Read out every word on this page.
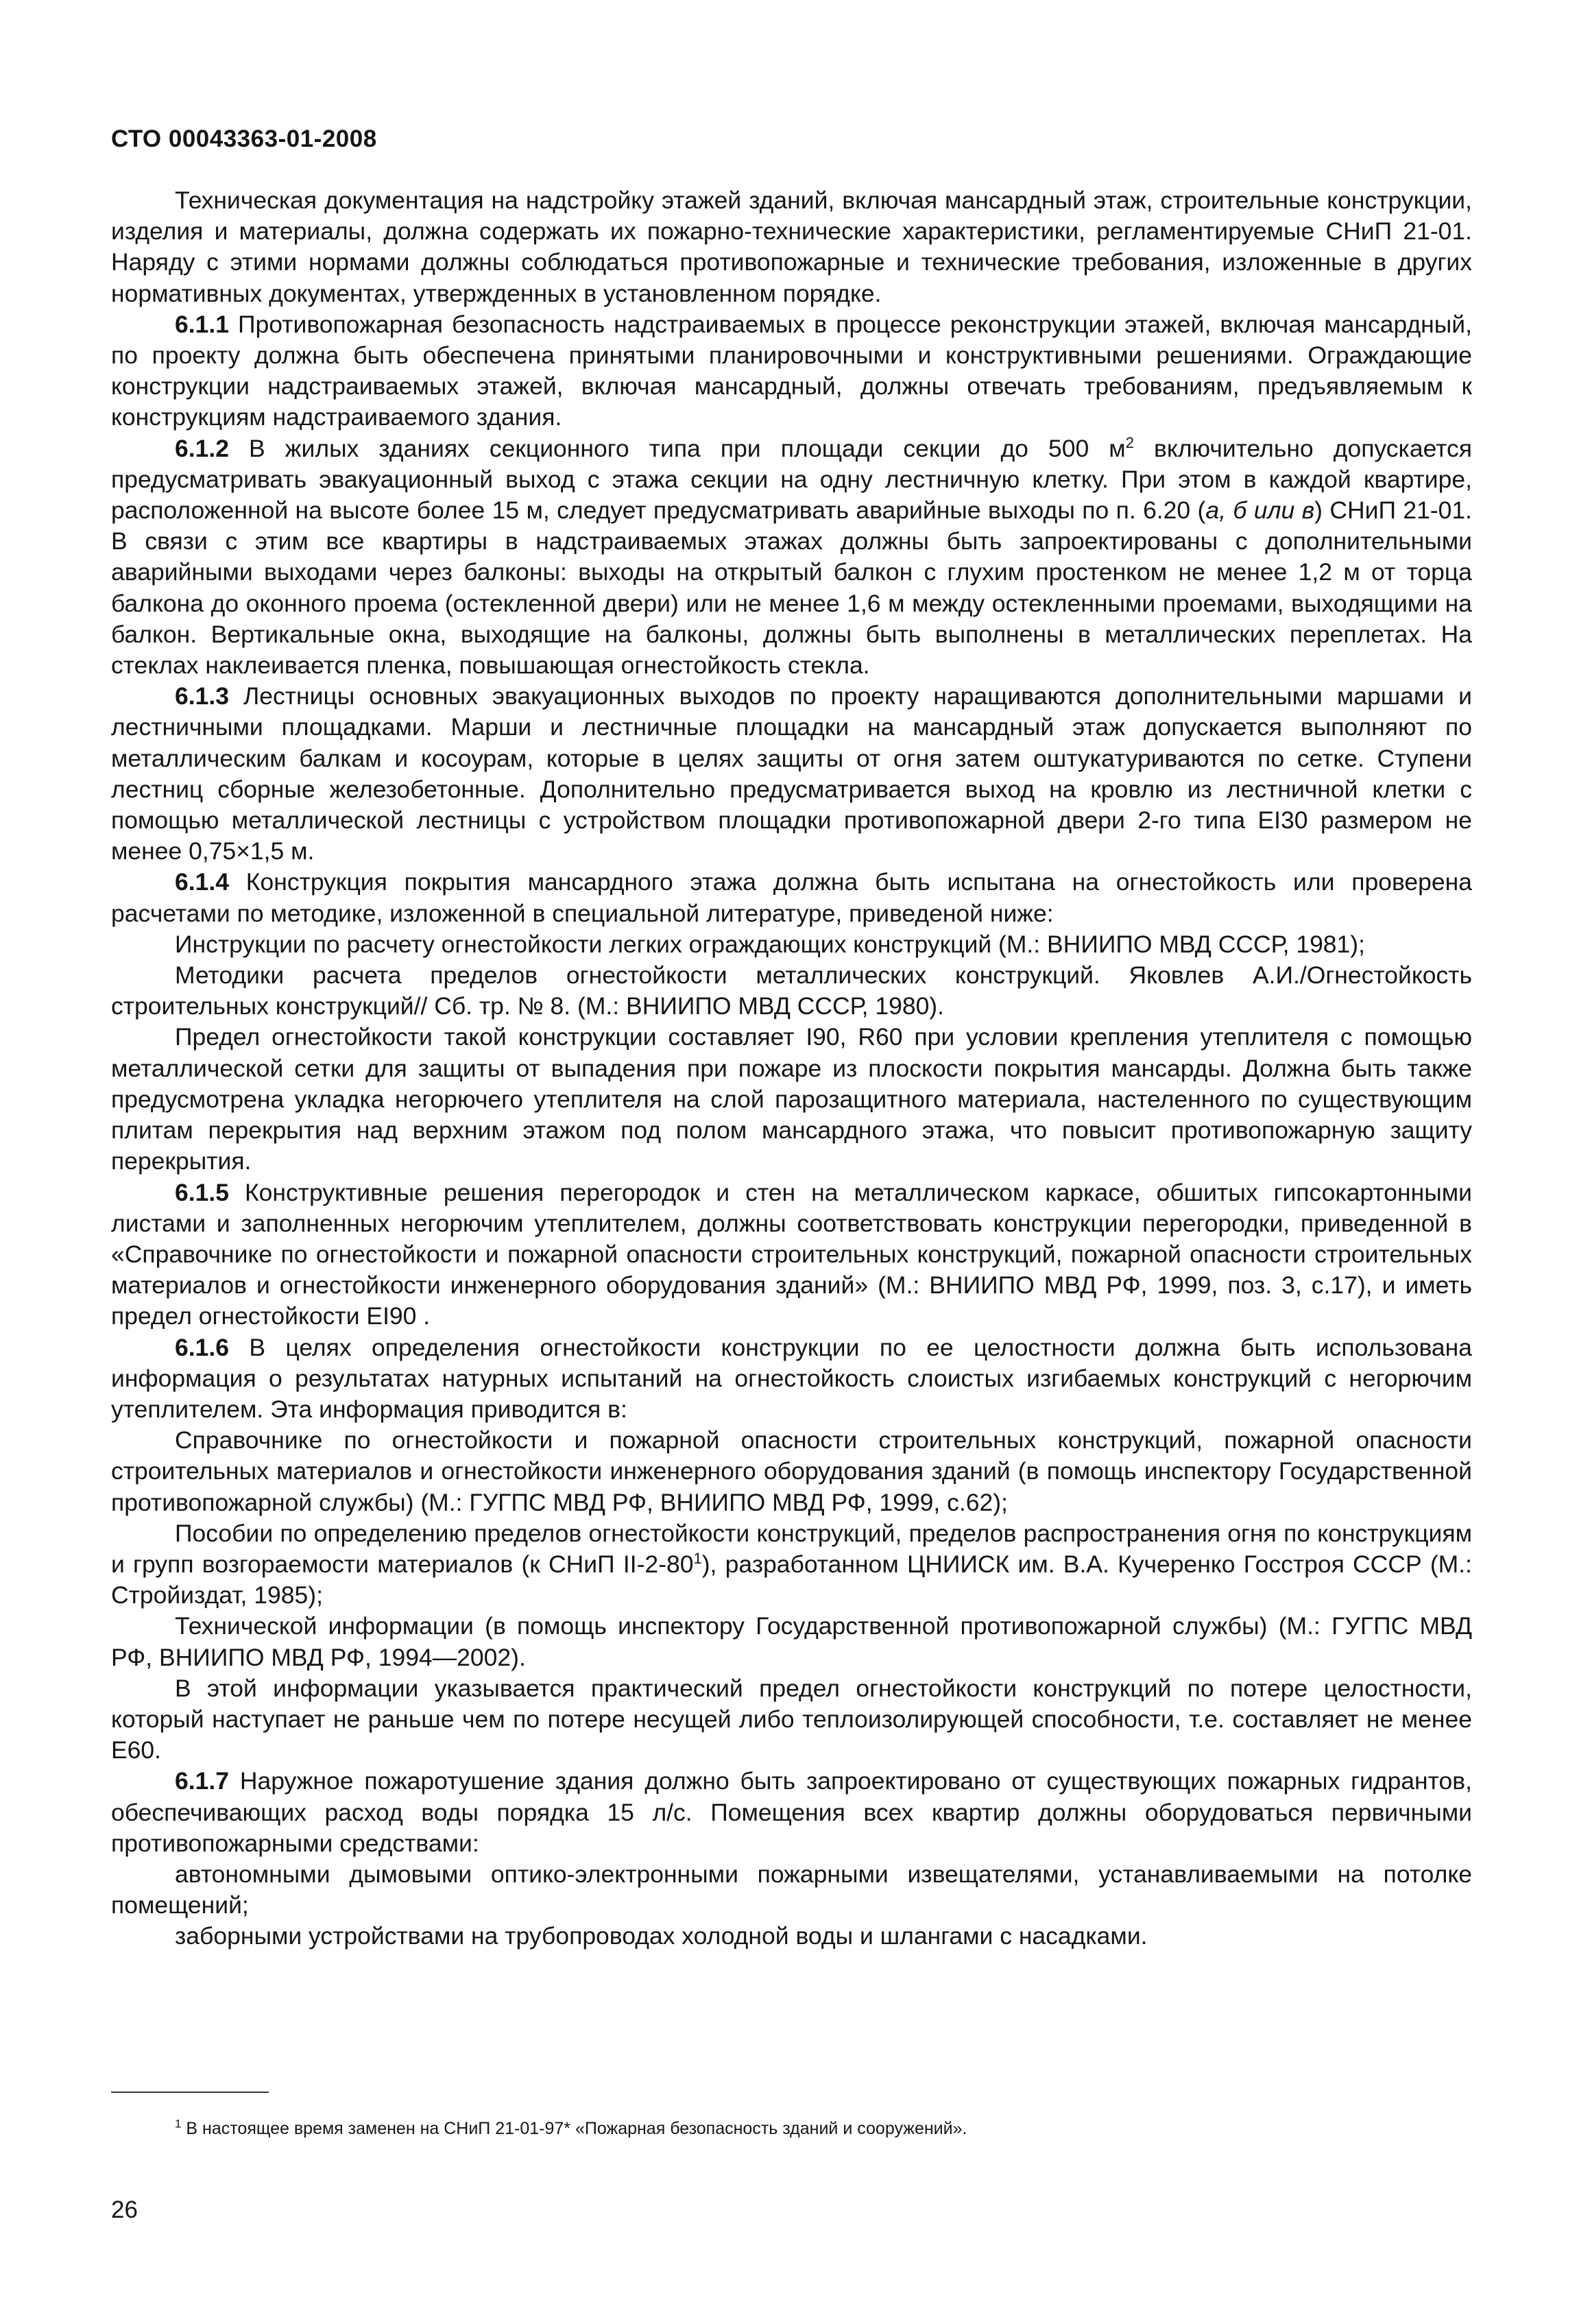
СТО 00043363-01-2008

Техническая документация на надстройку этажей зданий, включая мансардный этаж, строительные конструкции, изделия и материалы, должна содержать их пожарно-технические характеристики, регламентируемые СНиП 21-01. Наряду с этими нормами должны соблюдаться противопожарные и технические требования, изложенные в других нормативных документах, утвержденных в установленном порядке.

6.1.1 Противопожарная безопасность надстраиваемых в процессе реконструкции этажей, включая мансардный, по проекту должна быть обеспечена принятыми планировочными и конструктивными решениями. Ограждающие конструкции надстраиваемых этажей, включая мансардный, должны отвечать требованиям, предъявляемым к конструкциям надстраиваемого здания.

6.1.2 В жилых зданиях секционного типа при площади секции до 500 $м^2$ включительно допускается предусматривать эвакуационный выход с этажа секции на одну лестничную клетку. При этом в каждой квартире, расположенной на высоте более 15 м, следует предусматривать аварийные выходы по п. 6.20 (а, б или в) СНиП 21-01. В связи с этим все квартиры в надстраиваемых этажах должны быть запроектированы с дополнительными аварийными выходами через балконы: выходы на открытый балкон с глухим простенком не менее 1,2 м от торца балкона до оконного проема (остекленной двери) или не менее 1,6 м между остекленными проемами, выходящими на балкон. Вертикальные окна, выходящие на балконы, должны быть выполнены в металлических переплетах. На стеклах наклеивается пленка, повышающая огнестойкость стекла.

6.1.3 Лестницы основных эвакуационных выходов по проекту наращиваются дополнительными маршами и лестничными площадками. Марши и лестничные площадки на мансардный этаж допускается выполняют по металлическим балкам и косоурам, которые в целях защиты от огня затем оштукатуриваются по сетке. Ступени лестниц сборные железобетонные. Дополнительно предусматривается выход на кровлю из лестничной клетки с помощью металлической лестницы с устройством площадки противопожарной двери 2-го типа EI30 размером не менее 0,75×1,5 м.

6.1.4 Конструкция покрытия мансардного этажа должна быть испытана на огнестойкость или проверена расчетами по методике, изложенной в специальной литературе, приведеной ниже:

Инструкции по расчету огнестойкости легких ограждающих конструкций (М.: ВНИИПО МВД СССР, 1981);

Методики расчета пределов огнестойкости металлических конструкций. Яковлев А.И./Огнестойкость строительных конструкций// Сб. тр. № 8. (М.: ВНИИПО МВД СССР, 1980).

Предел огнестойкости такой конструкции составляет I90, R60 при условии крепления утеплителя с помощью металлической сетки для защиты от выпадения при пожаре из плоскости покрытия мансарды. Должна быть также предусмотрена укладка негорючего утеплителя на слой парозащитного материала, настеленного по существующим плитам перекрытия над верхним этажом под полом мансардного этажа, что повысит противопожарную защиту перекрытия.

6.1.5 Конструктивные решения перегородок и стен на металлическом каркасе, обшитых гипсокартонными листами и заполненных негорючим утеплителем, должны соответствовать конструкции перегородки, приведенной в «Справочнике по огнестойкости и пожарной опасности строительных конструкций, пожарной опасности строительных материалов и огнестойкости инженерного оборудования зданий» (М.: ВНИИПО МВД РФ, 1999, поз. 3, с.17), и иметь предел огнестойкости EI90 .

6.1.6 В целях определения огнестойкости конструкции по ее целостности должна быть использована информация о результатах натурных испытаний на огнестойкость слоистых изгибаемых конструкций с негорючим утеплителем. Эта информация приводится в:

Справочнике по огнестойкости и пожарной опасности строительных конструкций, пожарной опасности строительных материалов и огнестойкости инженерного оборудования зданий (в помощь инспектору Государственной противопожарной службы) (М.: ГУГПС МВД РФ, ВНИИПО МВД РФ, 1999, с.62);

Пособии по определению пределов огнестойкости конструкций, пределов распространения огня по конструкциям и групп возгораемости материалов (к СНиП $II-2-80^1$), разработанном ЦНИИСК им. В.А. Кучеренко Госстроя СССР (М.: Стройиздат, 1985);

Технической информации (в помощь инспектору Государственной противопожарной службы) (М.: ГУГПС МВД РФ, ВНИИПО МВД РФ, 1994—2002).

В этой информации указывается практический предел огнестойкости конструкций по потере целостности, который наступает не раньше чем по потере несущей либо теплоизолирующей способности, т.е. составляет не менее E60.

6.1.7 Наружное пожаротушение здания должно быть запроектировано от существующих пожарных гидрантов, обеспечивающих расход воды порядка 15 л/с. Помещения всех квартир должны оборудоваться первичными противопожарными средствами:

автономными дымовыми оптико-электронными пожарными извещателями, устанавливаемыми на потолке помещений;

заборными устройствами на трубопроводах холодной воды и шлангами с насадками.

$^1$ В настоящее время заменен на СНиП 21-01-97* «Пожарная безопасность зданий и сооружений».
26
